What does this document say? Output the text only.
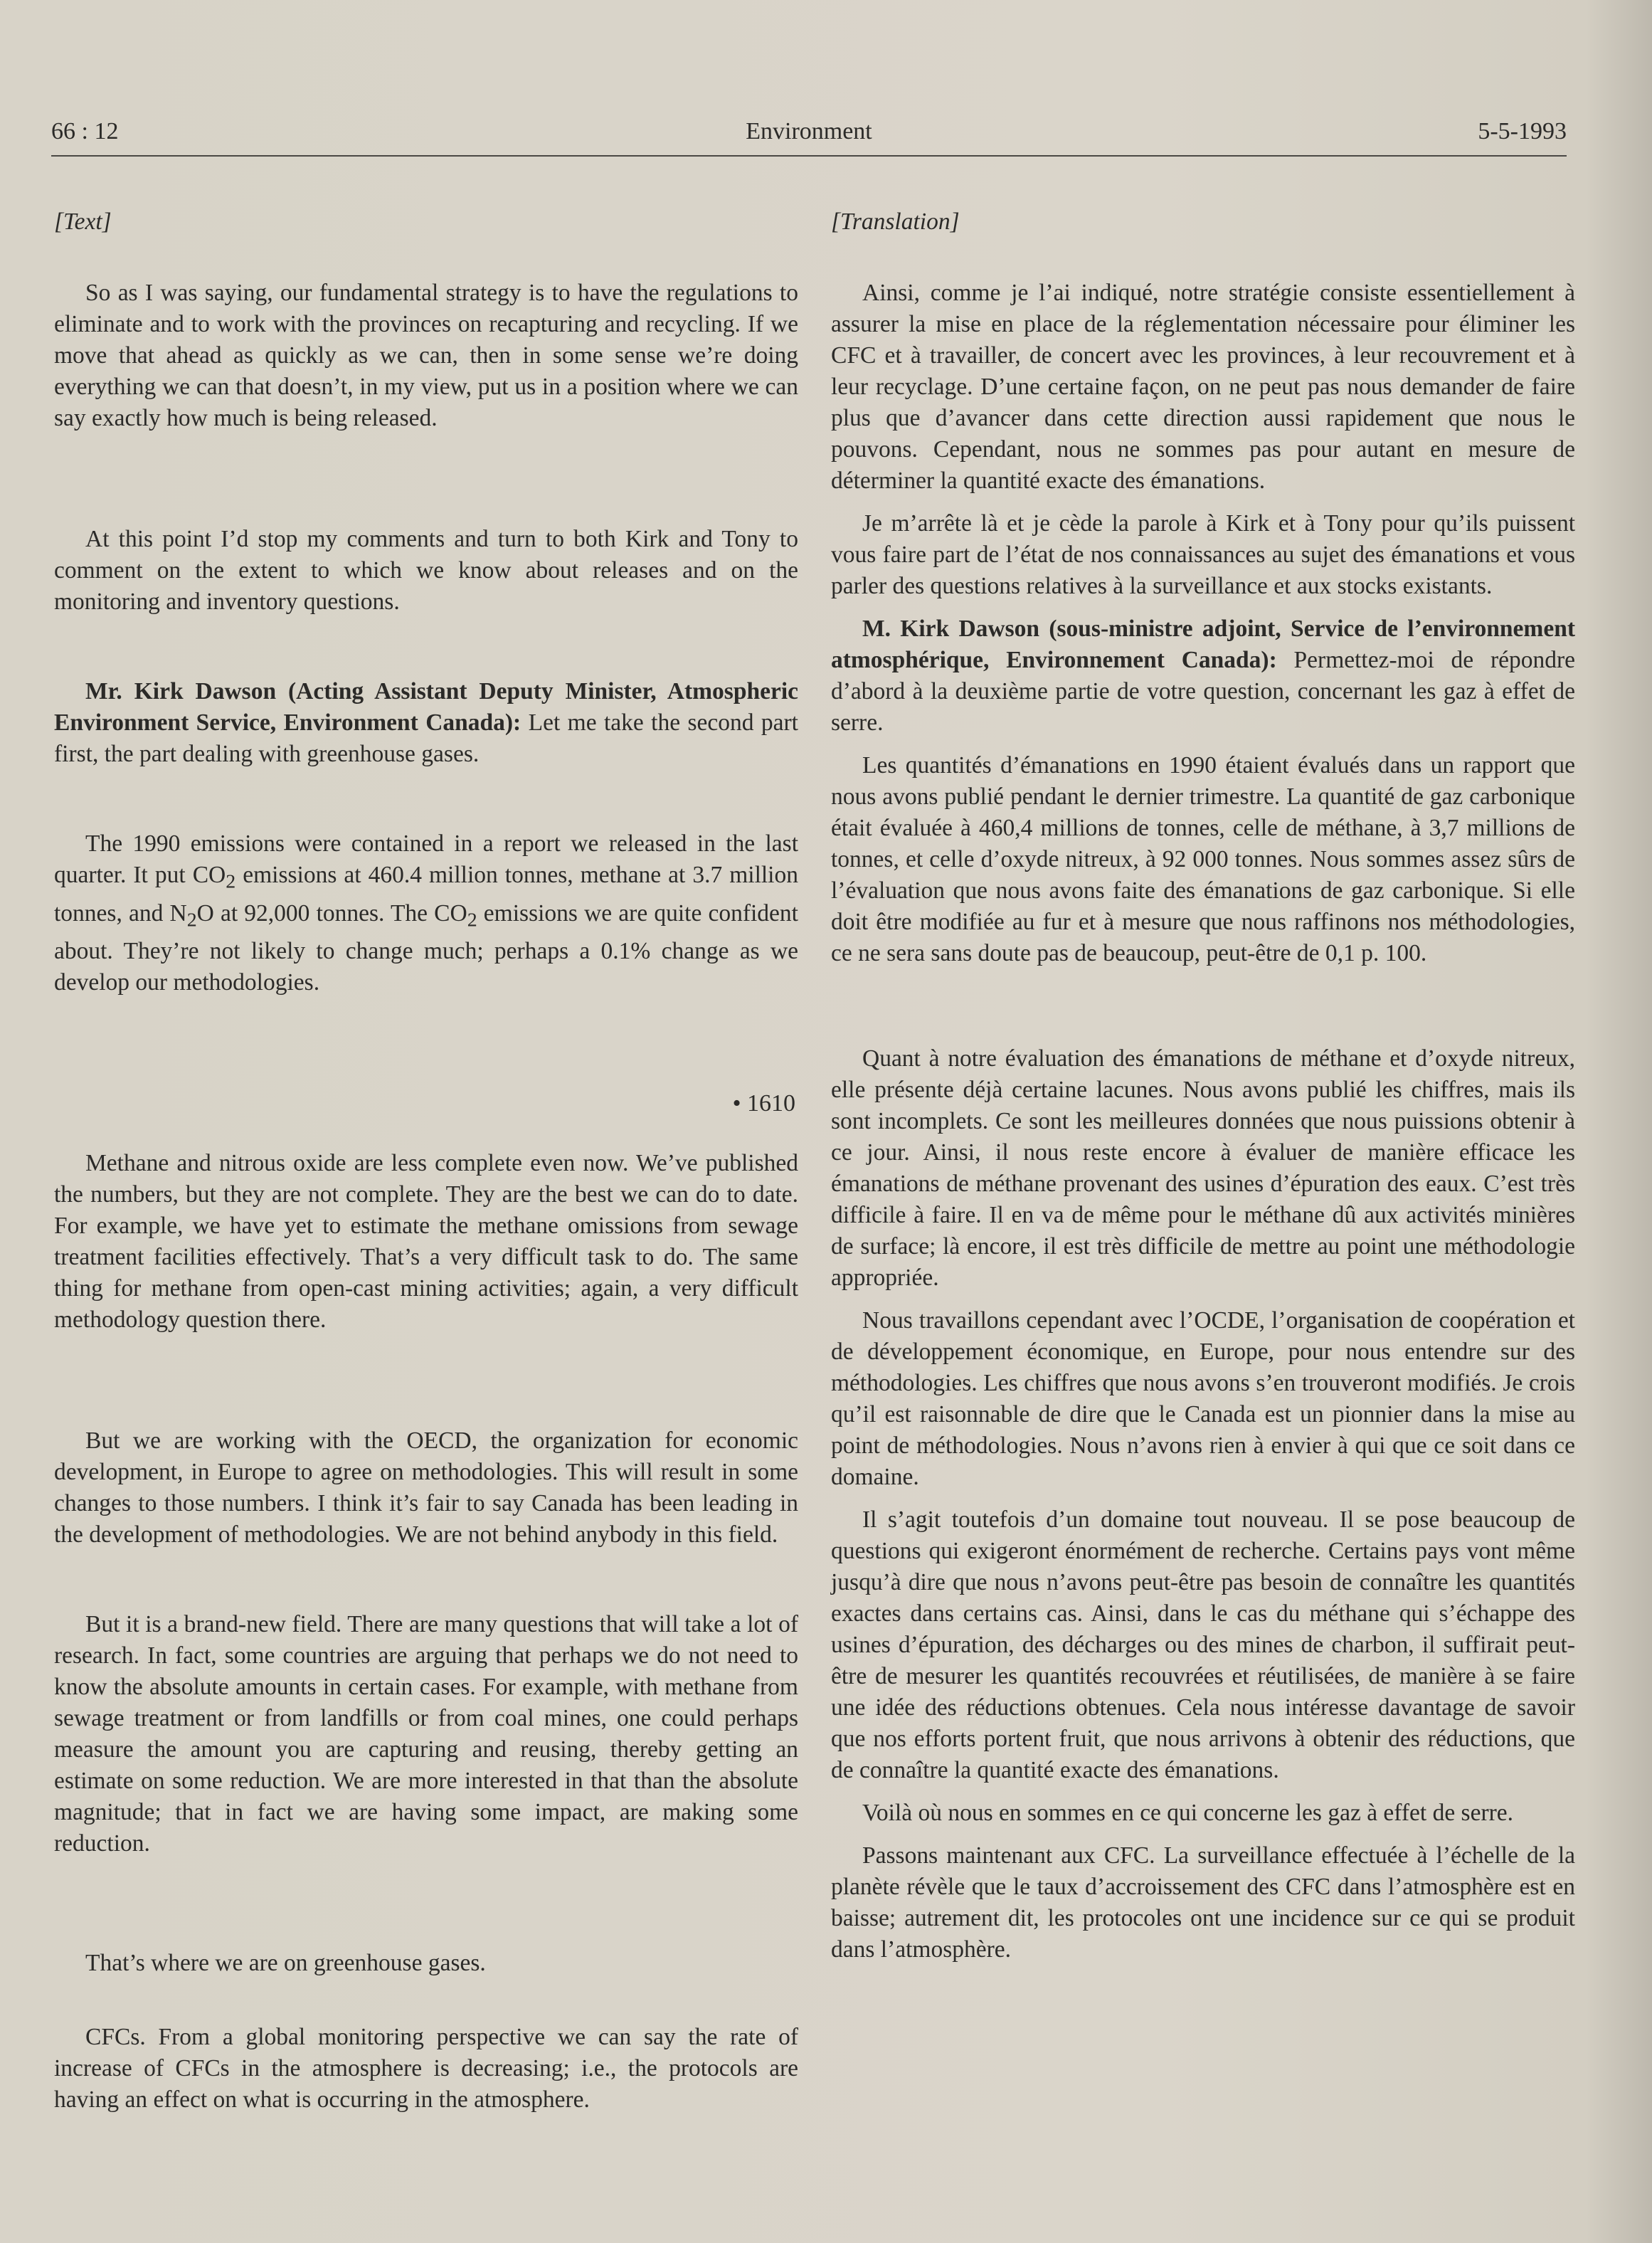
66 : 12	Environment	5-5-1993
[Text]

So as I was saying, our fundamental strategy is to have the regulations to eliminate and to work with the provinces on recapturing and recycling. If we move that ahead as quickly as we can, then in some sense we’re doing everything we can that doesn’t, in my view, put us in a position where we can say exactly how much is being released.

At this point I’d stop my comments and turn to both Kirk and Tony to comment on the extent to which we know about releases and on the monitoring and inventory questions.

Mr. Kirk Dawson (Acting Assistant Deputy Minister, Atmospheric Environment Service, Environment Canada): Let me take the second part first, the part dealing with greenhouse gases.

The 1990 emissions were contained in a report we released in the last quarter. It put $CO_2$ emissions at 460.4 million tonnes, methane at 3.7 million tonnes, and $N_2O$ at 92,000 tonnes. The $CO_2$ emissions we are quite confident about. They’re not likely to change much; perhaps a 0.1% change as we develop our methodologies.

• 1610

Methane and nitrous oxide are less complete even now. We’ve published the numbers, but they are not complete. They are the best we can do to date. For example, we have yet to estimate the methane omissions from sewage treatment facilities effectively. That’s a very difficult task to do. The same thing for methane from open-cast mining activities; again, a very difficult methodology question there.

But we are working with the OECD, the organization for economic development, in Europe to agree on methodologies. This will result in some changes to those numbers. I think it’s fair to say Canada has been leading in the development of methodologies. We are not behind anybody in this field.

But it is a brand-new field. There are many questions that will take a lot of research. In fact, some countries are arguing that perhaps we do not need to know the absolute amounts in certain cases. For example, with methane from sewage treatment or from landfills or from coal mines, one could perhaps measure the amount you are capturing and reusing, thereby getting an estimate on some reduction. We are more interested in that than the absolute magnitude; that in fact we are having some impact, are making some reduction.

That’s where we are on greenhouse gases.

CFCs. From a global monitoring perspective we can say the rate of increase of CFCs in the atmosphere is decreasing; i.e., the protocols are having an effect on what is occurring in the atmosphere.

[Translation]

Ainsi, comme je l’ai indiqué, notre stratégie consiste essentiellement à assurer la mise en place de la réglementation nécessaire pour éliminer les CFC et à travailler, de concert avec les provinces, à leur recouvrement et à leur recyclage. D’une certaine façon, on ne peut pas nous demander de faire plus que d’avancer dans cette direction aussi rapidement que nous le pouvons. Cependant, nous ne sommes pas pour autant en mesure de déterminer la quantité exacte des émanations.

Je m’arrête là et je cède la parole à Kirk et à Tony pour qu’ils puissent vous faire part de l’état de nos connaissances au sujet des émanations et vous parler des questions relatives à la surveillance et aux stocks existants.

M. Kirk Dawson (sous-ministre adjoint, Service de l’environnement atmosphérique, Environnement Canada): Permettez-moi de répondre d’abord à la deuxième partie de votre question, concernant les gaz à effet de serre.

Les quantités d’émanations en 1990 étaient évalués dans un rapport que nous avons publié pendant le dernier trimestre. La quantité de gaz carbonique était évaluée à 460,4 millions de tonnes, celle de méthane, à 3,7 millions de tonnes, et celle d’oxyde nitreux, à 92 000 tonnes. Nous sommes assez sûrs de l’évaluation que nous avons faite des émanations de gaz carbonique. Si elle doit être modifiée au fur et à mesure que nous raffinons nos méthodologies, ce ne sera sans doute pas de beaucoup, peut-être de 0,1 p. 100.

Quant à notre évaluation des émanations de méthane et d’oxyde nitreux, elle présente déjà certaine lacunes. Nous avons publié les chiffres, mais ils sont incomplets. Ce sont les meilleures données que nous puissions obtenir à ce jour. Ainsi, il nous reste encore à évaluer de manière efficace les émanations de méthane provenant des usines d’épuration des eaux. C’est très difficile à faire. Il en va de même pour le méthane dû aux activités minières de surface; là encore, il est très difficile de mettre au point une méthodologie appropriée.

Nous travaillons cependant avec l’OCDE, l’organisation de coopération et de développement économique, en Europe, pour nous entendre sur des méthodologies. Les chiffres que nous avons s’en trouveront modifiés. Je crois qu’il est raisonnable de dire que le Canada est un pionnier dans la mise au point de méthodologies. Nous n’avons rien à envier à qui que ce soit dans ce domaine.

Il s’agit toutefois d’un domaine tout nouveau. Il se pose beaucoup de questions qui exigeront énormément de recherche. Certains pays vont même jusqu’à dire que nous n’avons peut-être pas besoin de connaître les quantités exactes dans certains cas. Ainsi, dans le cas du méthane qui s’échappe des usines d’épuration, des décharges ou des mines de charbon, il suffirait peut-être de mesurer les quantités recouvrées et réutilisées, de manière à se faire une idée des réductions obtenues. Cela nous intéresse davantage de savoir que nos efforts portent fruit, que nous arrivons à obtenir des réductions, que de connaître la quantité exacte des émanations.

Voilà où nous en sommes en ce qui concerne les gaz à effet de serre.

Passons maintenant aux CFC. La surveillance effectuée à l’échelle de la planète révèle que le taux d’accroissement des CFC dans l’atmosphère est en baisse; autrement dit, les protocoles ont une incidence sur ce qui se produit dans l’atmosphère.
